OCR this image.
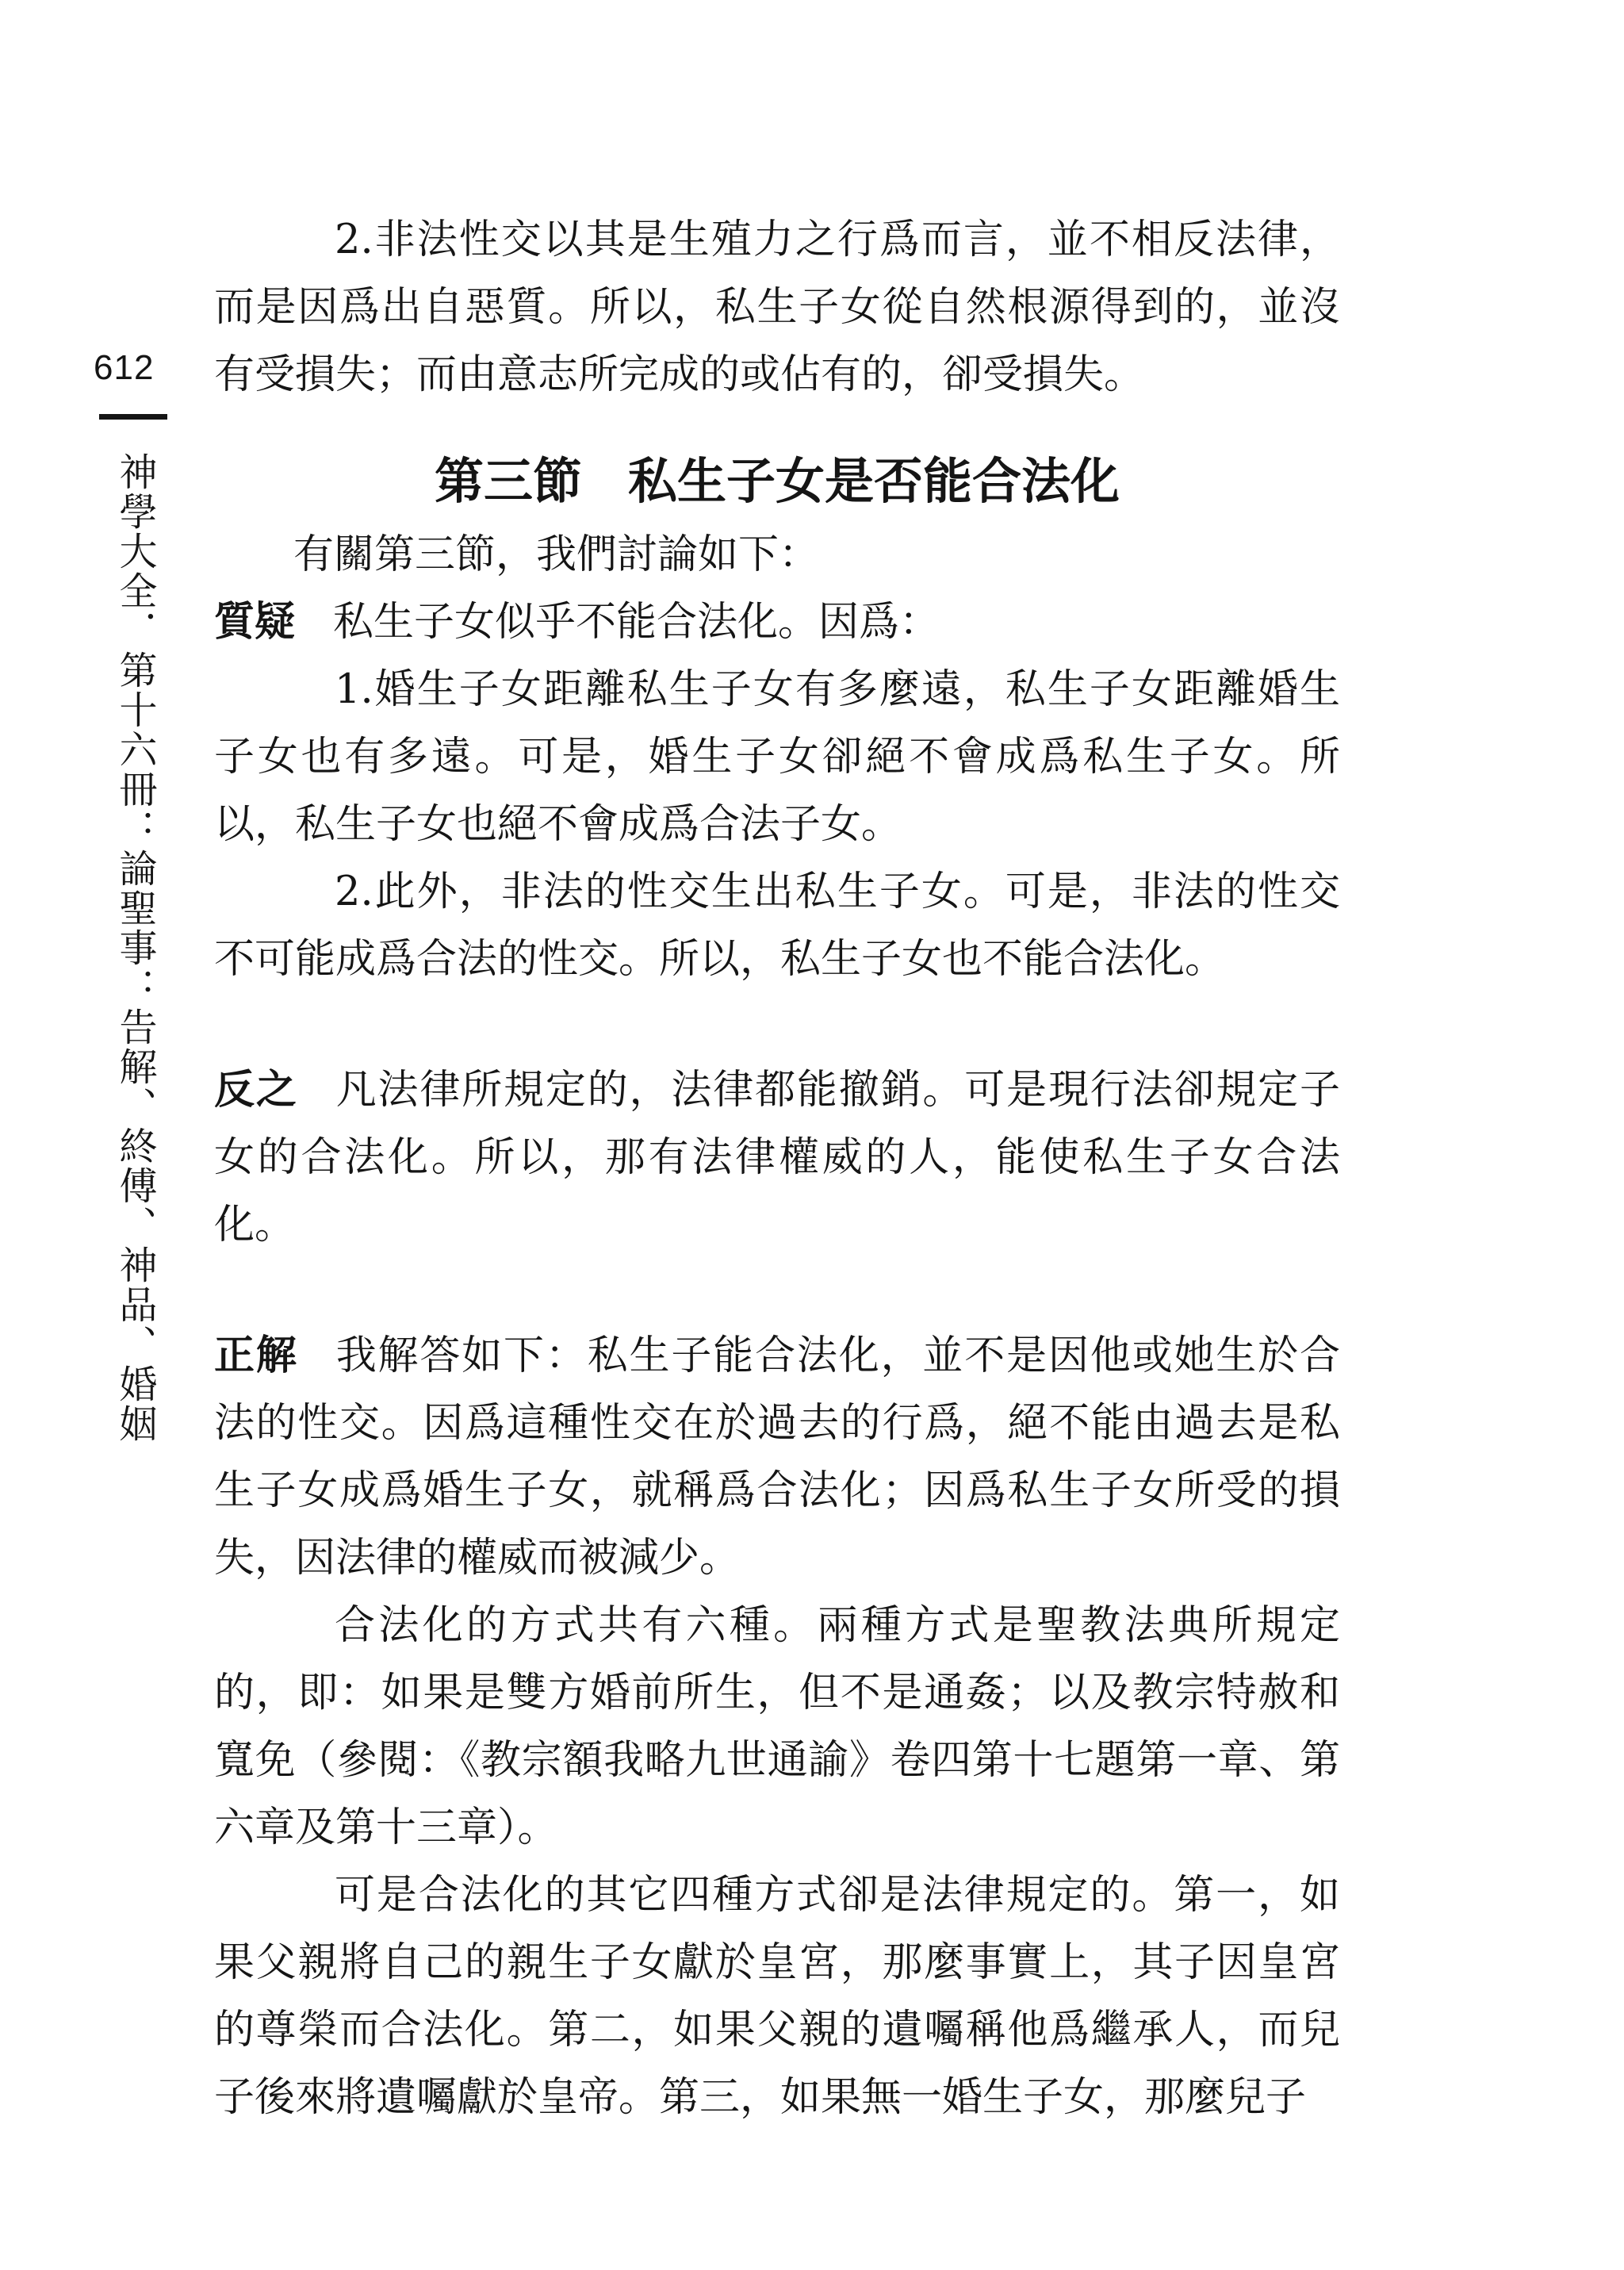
612
神學大全．第十六冊：論聖事：告解、終傅、神品、婚姻

2.非法性交以其是生殖力之行爲而言，並不相反法律，而是因爲出自惡質。所以，私生子女從自然根源得到的，並沒有受損失；而由意志所完成的或佔有的，卻受損失。

第三節 私生子女是否能合法化

有關第三節，我們討論如下：

質疑 私生子女似乎不能合法化。因爲：

1.婚生子女距離私生子女有多麼遠，私生子女距離婚生子女也有多遠。可是，婚生子女卻絕不會成爲私生子女。所以，私生子女也絕不會成爲合法子女。

2.此外，非法的性交生出私生子女。可是，非法的性交不可能成爲合法的性交。所以，私生子女也不能合法化。

反之 凡法律所規定的，法律都能撤銷。可是現行法卻規定子女的合法化。所以，那有法律權威的人，能使私生子女合法化。

正解 我解答如下：私生子能合法化，並不是因他或她生於合法的性交。因爲這種性交在於過去的行爲，絕不能由過去是私生子女成爲婚生子女，就稱爲合法化；因爲私生子女所受的損失，因法律的權威而被減少。

合法化的方式共有六種。兩種方式是聖教法典所規定的，即：如果是雙方婚前所生，但不是通姦；以及教宗特赦和寬免（參閱：《教宗額我略九世通諭》卷四第十七題第一章、第六章及第十三章）。

可是合法化的其它四種方式卻是法律規定的。第一，如果父親將自己的親生子女獻於皇宮，那麼事實上，其子因皇宮的尊榮而合法化。第二，如果父親的遺囑稱他爲繼承人，而兒子後來將遺囑獻於皇帝。第三，如果無一婚生子女，那麼兒子
